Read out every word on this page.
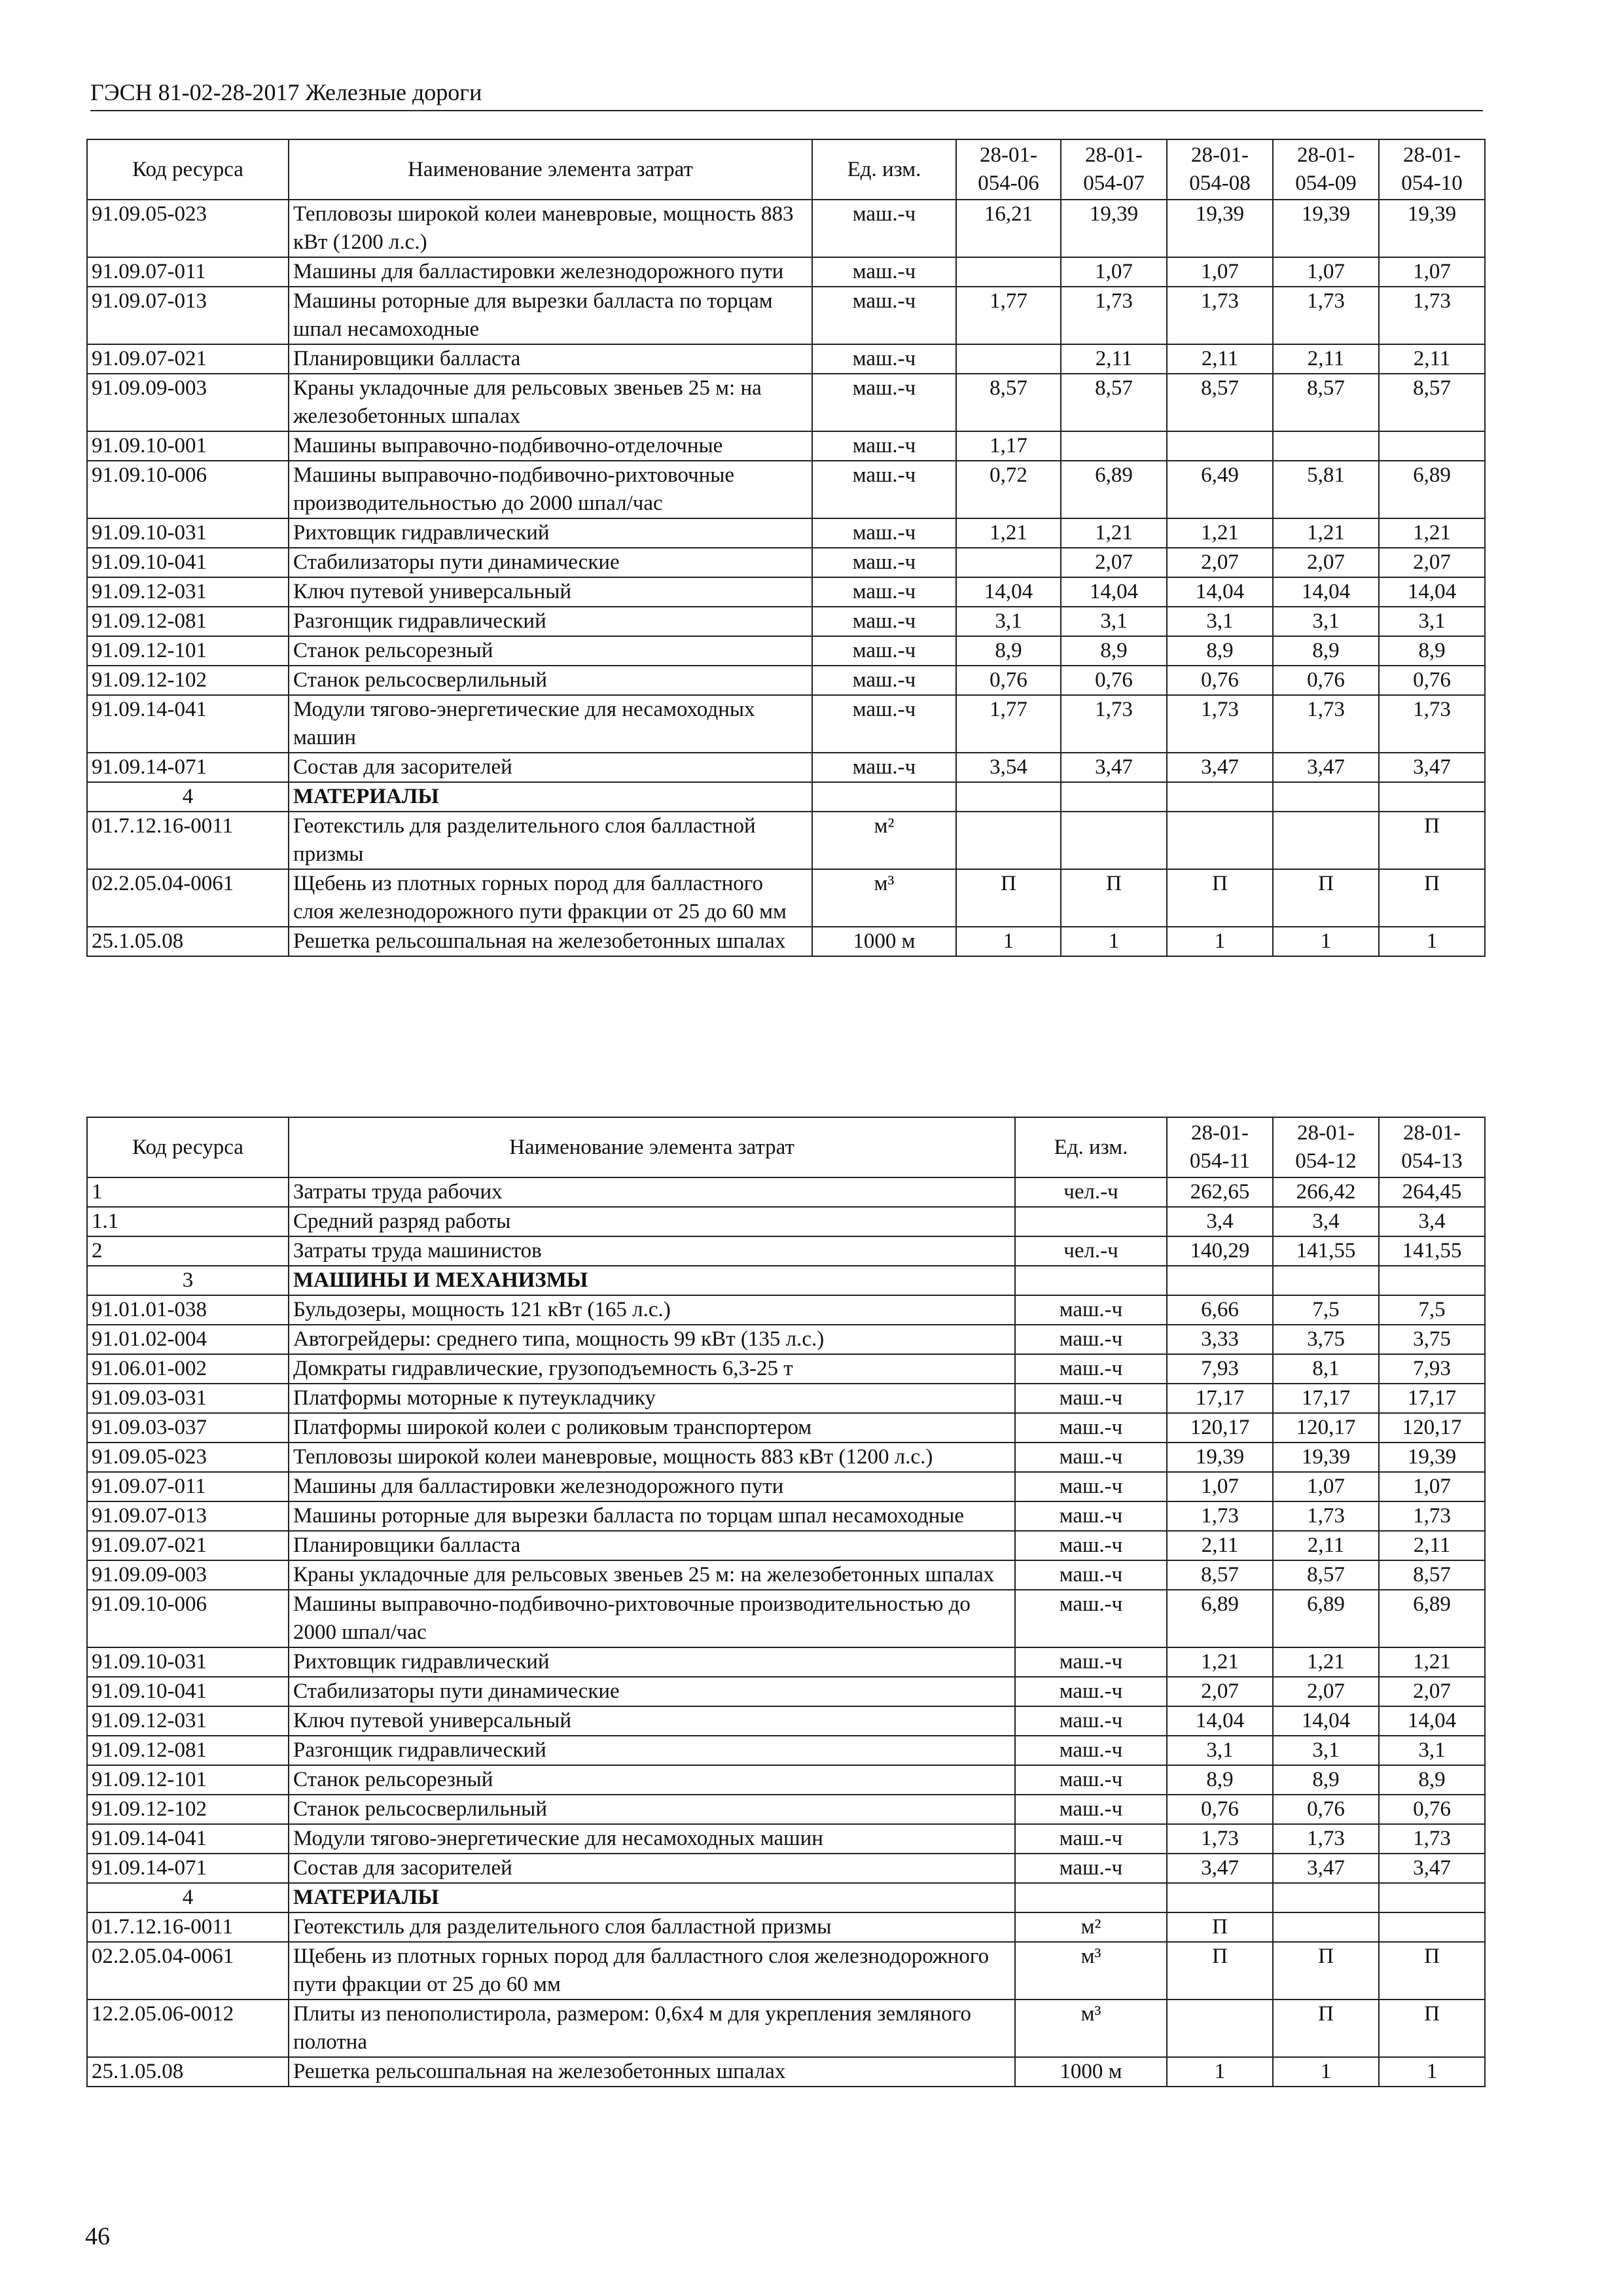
ГЭСН 81-02-28-2017 Железные дороги
Код ресурса	Наименование элемента затрат	Ед. изм.	28-01-054-06	28-01-054-07	28-01-054-08	28-01-054-09	28-01-054-10
91.09.05-023	Тепловозы широкой колеи маневровые, мощность 883 кВт (1200 л.с.)	маш.-ч	16,21	19,39	19,39	19,39	19,39
91.09.07-011	Машины для балластировки железнодорожного пути	маш.-ч		1,07	1,07	1,07	1,07
91.09.07-013	Машины роторные для вырезки балласта по торцам шпал несамоходные	маш.-ч	1,77	1,73	1,73	1,73	1,73
91.09.07-021	Планировщики балласта	маш.-ч		2,11	2,11	2,11	2,11
91.09.09-003	Краны укладочные для рельсовых звеньев 25 м: на железобетонных шпалах	маш.-ч	8,57	8,57	8,57	8,57	8,57
91.09.10-001	Машины выправочно-подбивочно-отделочные	маш.-ч	1,17				
91.09.10-006	Машины выправочно-подбивочно-рихтовочные производительностью до 2000 шпал/час	маш.-ч	0,72	6,89	6,49	5,81	6,89
91.09.10-031	Рихтовщик гидравлический	маш.-ч	1,21	1,21	1,21	1,21	1,21
91.09.10-041	Стабилизаторы пути динамические	маш.-ч		2,07	2,07	2,07	2,07
91.09.12-031	Ключ путевой универсальный	маш.-ч	14,04	14,04	14,04	14,04	14,04
91.09.12-081	Разгонщик гидравлический	маш.-ч	3,1	3,1	3,1	3,1	3,1
91.09.12-101	Станок рельсорезный	маш.-ч	8,9	8,9	8,9	8,9	8,9
91.09.12-102	Станок рельсосверлильный	маш.-ч	0,76	0,76	0,76	0,76	0,76
91.09.14-041	Модули тягово-энергетические для несамоходных машин	маш.-ч	1,77	1,73	1,73	1,73	1,73
91.09.14-071	Состав для засорителей	маш.-ч	3,54	3,47	3,47	3,47	3,47
4	МАТЕРИАЛЫ						
01.7.12.16-0011	Геотекстиль для разделительного слоя балластной призмы	м²					П
02.2.05.04-0061	Щебень из плотных горных пород для балластного слоя железнодорожного пути фракции от 25 до 60 мм	м³	П	П	П	П	П
25.1.05.08	Решетка рельсошпальная на железобетонных шпалах	1000 м	1	1	1	1	1
Код ресурса	Наименование элемента затрат	Ед. изм.	28-01-054-11	28-01-054-12	28-01-054-13
1	Затраты труда рабочих	чел.-ч	262,65	266,42	264,45
1.1	Средний разряд работы		3,4	3,4	3,4
2	Затраты труда машинистов	чел.-ч	140,29	141,55	141,55
3	МАШИНЫ И МЕХАНИЗМЫ				
91.01.01-038	Бульдозеры, мощность 121 кВт (165 л.с.)	маш.-ч	6,66	7,5	7,5
91.01.02-004	Автогрейдеры: среднего типа, мощность 99 кВт (135 л.с.)	маш.-ч	3,33	3,75	3,75
91.06.01-002	Домкраты гидравлические, грузоподъемность 6,3-25 т	маш.-ч	7,93	8,1	7,93
91.09.03-031	Платформы моторные к путеукладчику	маш.-ч	17,17	17,17	17,17
91.09.03-037	Платформы широкой колеи с роликовым транспортером	маш.-ч	120,17	120,17	120,17
91.09.05-023	Тепловозы широкой колеи маневровые, мощность 883 кВт (1200 л.с.)	маш.-ч	19,39	19,39	19,39
91.09.07-011	Машины для балластировки железнодорожного пути	маш.-ч	1,07	1,07	1,07
91.09.07-013	Машины роторные для вырезки балласта по торцам шпал несамоходные	маш.-ч	1,73	1,73	1,73
91.09.07-021	Планировщики балласта	маш.-ч	2,11	2,11	2,11
91.09.09-003	Краны укладочные для рельсовых звеньев 25 м: на железобетонных шпалах	маш.-ч	8,57	8,57	8,57
91.09.10-006	Машины выправочно-подбивочно-рихтовочные производительностью до 2000 шпал/час	маш.-ч	6,89	6,89	6,89
91.09.10-031	Рихтовщик гидравлический	маш.-ч	1,21	1,21	1,21
91.09.10-041	Стабилизаторы пути динамические	маш.-ч	2,07	2,07	2,07
91.09.12-031	Ключ путевой универсальный	маш.-ч	14,04	14,04	14,04
91.09.12-081	Разгонщик гидравлический	маш.-ч	3,1	3,1	3,1
91.09.12-101	Станок рельсорезный	маш.-ч	8,9	8,9	8,9
91.09.12-102	Станок рельсосверлильный	маш.-ч	0,76	0,76	0,76
91.09.14-041	Модули тягово-энергетические для несамоходных машин	маш.-ч	1,73	1,73	1,73
91.09.14-071	Состав для засорителей	маш.-ч	3,47	3,47	3,47
4	МАТЕРИАЛЫ				
01.7.12.16-0011	Геотекстиль для разделительного слоя балластной призмы	м²	П		
02.2.05.04-0061	Щебень из плотных горных пород для балластного слоя железнодорожного пути фракции от 25 до 60 мм	м³	П	П	П
12.2.05.06-0012	Плиты из пенополистирола, размером: 0,6х4 м для укрепления земляного полотна	м³		П	П
25.1.05.08	Решетка рельсошпальная на железобетонных шпалах	1000 м	1	1	1
46
